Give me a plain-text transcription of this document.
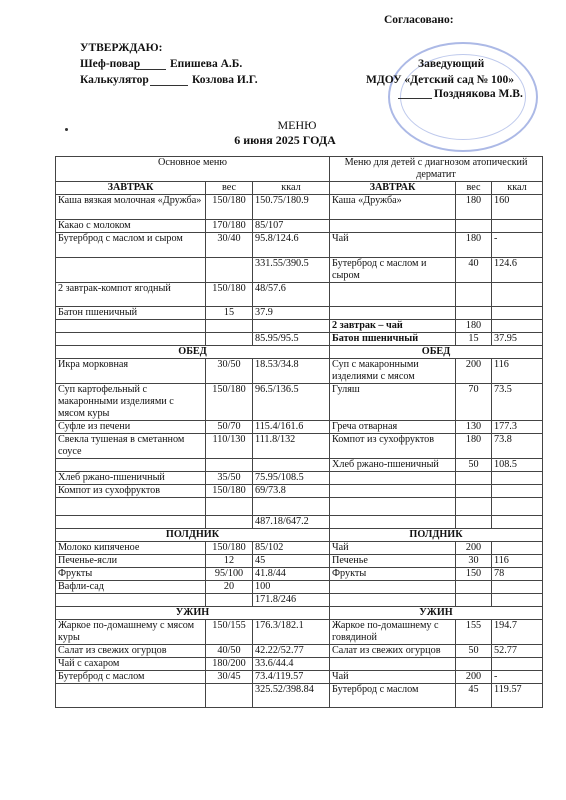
Согласовано:
УТВЕРЖДАЮ:
Шеф-повар	Епишева А.Б.
Калькулятор	Козлова И.Г.
Заведующий
МДОУ «Детский сад № 100»
Позднякова М.В.
МЕНЮ
6 июня 2025 ГОДА
Основное меню			Меню для детей с диагнозом атопический дерматит		
ЗАВТРАК	вес	ккал	ЗАВТРАК	вес	ккал
Каша вязкая молочная «Дружба»	150/180	150.75/180.9	Каша «Дружба»	180	160
Какао с молоком	170/180	85/107			
Бутерброд с маслом и сыром	30/40	95.8/124.6	Чай	180	-
		331.55/390.5	Бутерброд с маслом и сыром	40	124.6
2 завтрак-компот ягодный	150/180	48/57.6			
Батон пшеничный	15	37.9			
			2 завтрак – чай	180	
		85.95/95.5	Батон пшеничный	15	37.95
ОБЕД			ОБЕД		
Икра морковная	30/50	18.53/34.8	Суп с макаронными изделиями с мясом	200	116
Суп картофельный с макаронными изделиями с мясом куры	150/180	96.5/136.5	Гуляш	70	73.5
Суфле из печени	50/70	115.4/161.6	Греча отварная	130	177.3
Свекла тушеная в сметанном соусе	110/130	111.8/132	Компот из сухофруктов	180	73.8
			Хлеб ржано-пшеничный	50	108.5
Хлеб ржано-пшеничный	35/50	75.95/108.5			
Компот из сухофруктов	150/180	69/73.8			

		487.18/647.2			
ПОЛДНИК			ПОЛДНИК		
Молоко кипяченое	150/180	85/102	Чай	200	
Печенье-ясли	12	45	Печенье	30	116
Фрукты	95/100	41.8/44	Фрукты	150	78
Вафли-сад	20	100			
		171.8/246			
УЖИН			УЖИН		
Жаркое по-домашнему с мясом куры	150/155	176.3/182.1	Жаркое по-домашнему с говядиной	155	194.7
Салат из свежих огурцов	40/50	42.22/52.77	Салат из свежих огурцов	50	52.77
Чай с сахаром	180/200	33.6/44.4			
Бутерброд с маслом	30/45	73.4/119.57	Чай	200	-
		325.52/398.84	Бутерброд с маслом	45	119.57
